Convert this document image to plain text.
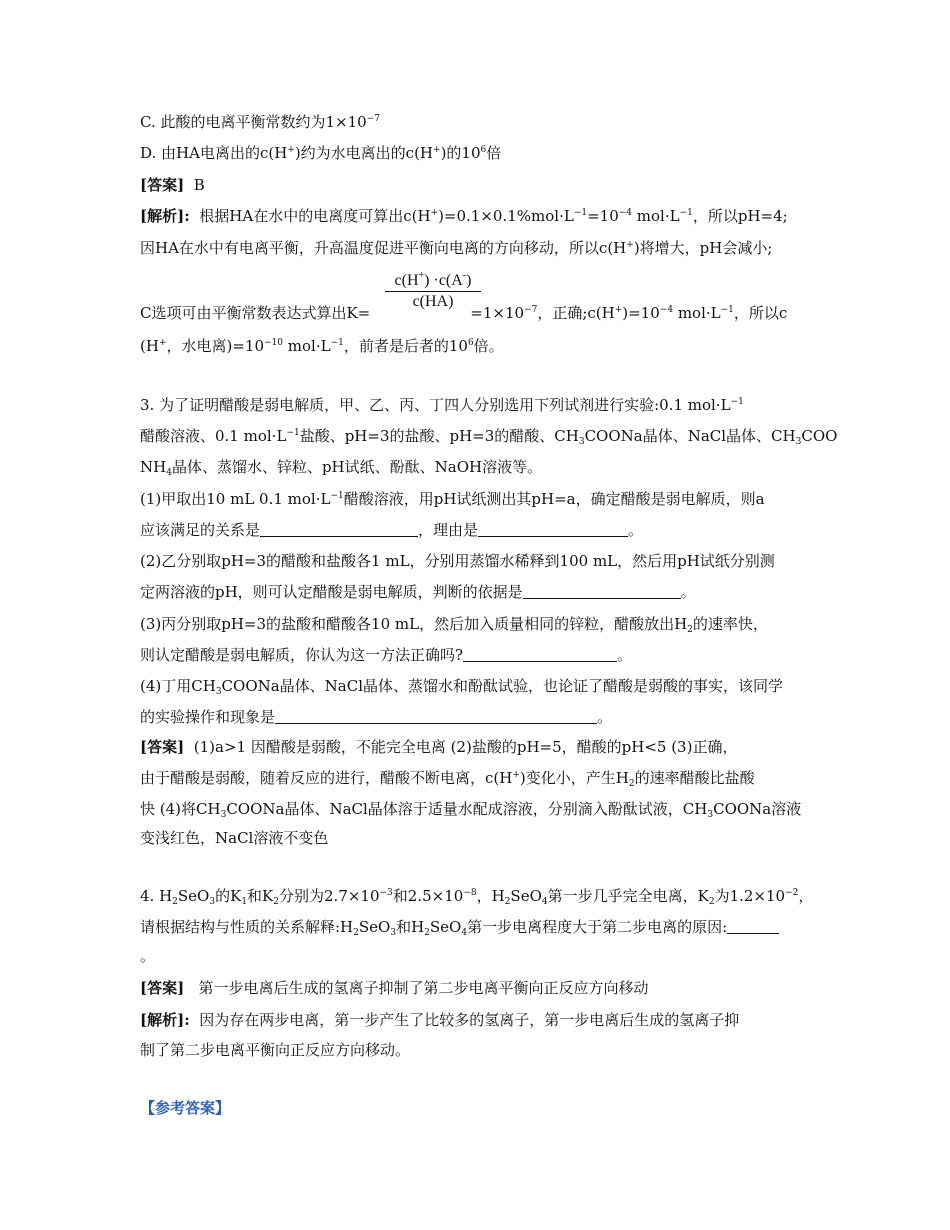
C. 此酸的电离平衡常数约为$1\times 10^{-7}$
D. 由HA电离出的c(H+)约为水电离出的c(H+)的$10^6$倍
[答案] B
[解析]: 根据HA在水中的电离度可算出$c(H^+)=0.1\times 0.1\%mol\cdot L^{-1}=10^{-4}$ $mol\cdot L^{-1}$，所以pH=4;
因HA在水中有电离平衡，升高温度促进平衡向电离的方向移动，所以c(H+)将增大，pH会减小;
$\frac{c(H^+) \cdot c(A^-)}{c(HA)}$
C选项可由平衡常数表达式算出K=	$=1\times 10^{-7}$，正确$;c(H^+)=10^{-4}$ $mol\cdot L^{-1}$，所以c
(H+，水电离)$=10^{-10}$ $mol\cdot L^{-1}$，前者是后者的$10^6$倍。
3. 为了证明醋酸是弱电解质，甲、乙、丙、丁四人分别选用下列试剂进行实验:0.1 $mol\cdot L^{-1}$
醋酸溶液、0.1 $mol\cdot L^{-1}$盐酸、pH=3的盐酸、pH=3的醋酸、$CH_3COONa$晶体、NaCl晶体、$CH_3COO$
$NH_4$晶体、蒸馏水、锌粒、pH试纸、酚酞、NaOH溶液等。
(1)甲取出10 mL 0.1 $mol\cdot L^{-1}$醋酸溶液，用pH试纸测出其pH=a，确定醋酸是弱电解质，则a
应该满足的关系是	，理由是	。
(2)乙分别取pH=3的醋酸和盐酸各1 mL，分别用蒸馏水稀释到100 mL，然后用pH试纸分别测
定两溶液的pH，则可认定醋酸是弱电解质，判断的依据是	。
(3)丙分别取pH=3的盐酸和醋酸各10 mL，然后加入质量相同的锌粒，醋酸放出$H_2$的速率快，
则认定醋酸是弱电解质，你认为这一方法正确吗?	。
(4)丁用$CH_3COONa$晶体、NaCl晶体、蒸馏水和酚酞试验，也论证了醋酸是弱酸的事实，该同学
的实验操作和现象是	。
[答案] (1)a>1 因醋酸是弱酸，不能完全电离 (2)盐酸的pH=5，醋酸的pH<5 (3)正确，
由于醋酸是弱酸，随着反应的进行，醋酸不断电离，c(H+)变化小，产生$H_2$的速率醋酸比盐酸
快 (4)将$CH_3COONa$晶体、NaCl晶体溶于适量水配成溶液，分别滴入酚酞试液，$CH_3COONa$溶液
变浅红色，NaCl溶液不变色
4. $H_2SeO_3$的$K_1$和$K_2$分别为$2.7\times 10^{-3}$和$2.5\times 10^{-8}$，$H_2SeO_4$第一步几乎完全电离，$K_2$为$1.2\times 10^{-2}$，
请根据结构与性质的关系解释$:H_2SeO_3$和$H_2SeO_4$第一步电离程度大于第二步电离的原因:
。
[答案] 第一步电离后生成的氢离子抑制了第二步电离平衡向正反应方向移动
[解析]: 因为存在两步电离，第一步产生了比较多的氢离子，第一步电离后生成的氢离子抑
制了第二步电离平衡向正反应方向移动。
【参考答案】
